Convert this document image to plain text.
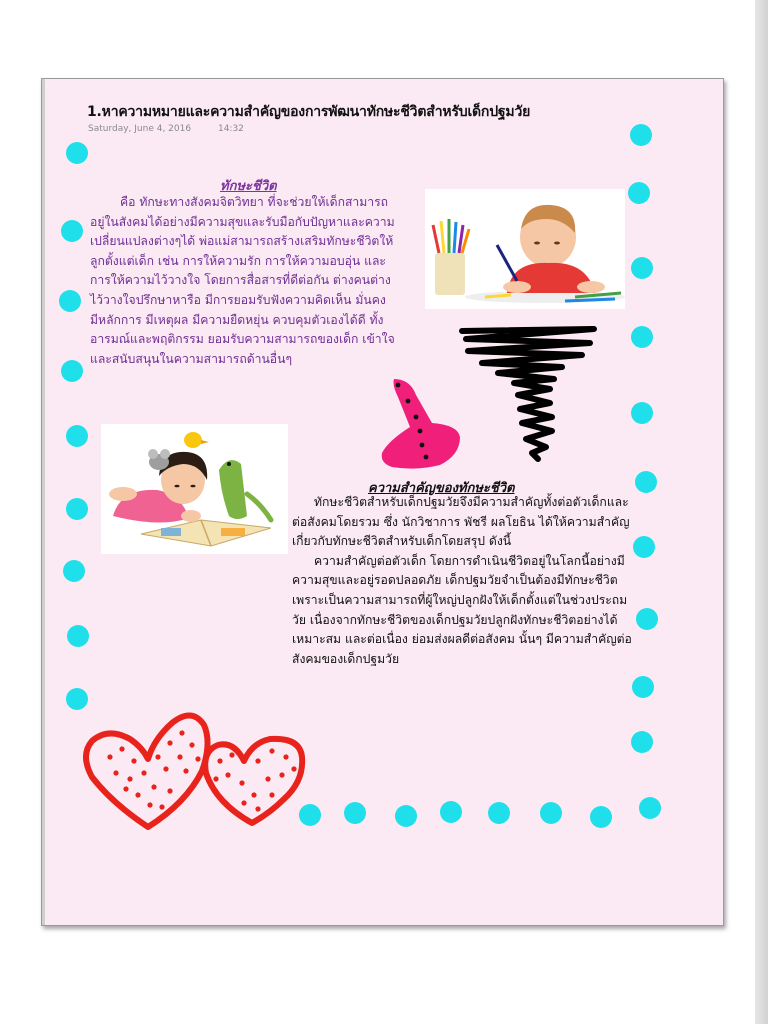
1.หาความหมายและความสำคัญของการพัฒนาทักษะชีวิตสำหรับเด็กปฐมวัย
Saturday, June 4, 2016	14:32
ทักษะชีวิต

คือ ทักษะทางสังคมจิตวิทยา ที่จะช่วยให้เด็กสามารถอยู่ในสังคมได้อย่างมีความสุขและรับมือกับปัญหาและความเปลี่ยนแปลงต่างๆได้ พ่อแม่สามารถสร้างเสริมทักษะชีวิตให้ลูกตั้งแต่เด็ก เช่น การให้ความรัก การให้ความอบอุ่น และการให้ความไว้วางใจ โดยการสื่อสารที่ดีต่อกัน ต่างคนต่างไว้วางใจปรึกษาหารือ มีการยอมรับฟังความคิดเห็น มั่นคง มีหลักการ มีเหตุผล มีความยืดหยุ่น ควบคุมตัวเองได้ดี ทั้งอารมณ์และพฤติกรรม ยอมรับความสามารถของเด็ก เข้าใจและสนับสนุนในความสามารถด้านอื่นๆ

ความสำคัญของทักษะชีวิต

ทักษะชีวิตสำหรับเด็กปฐมวัยจึงมีความสำคัญทั้งต่อตัวเด็กและต่อสังคมโดยรวม ซึ่ง นักวิชาการ พัชรี ผลโยธิน ได้ให้ความสำคัญเกี่ยวกับทักษะชีวิตสำหรับเด็กโดยสรุป ดังนี้

ความสำคัญต่อตัวเด็ก โดยการดำเนินชีวิตอยู่ในโลกนี้อย่างมีความสุขและอยู่รอดปลอดภัย เด็กปฐมวัยจำเป็นต้องมีทักษะชีวิต เพราะเป็นความสามารถที่ผู้ใหญ่ปลูกฝังให้เด็กตั้งแต่ในช่วงประถมวัย เนื่องจากทักษะชีวิตของเด็กปฐมวัยปลูกฝังทักษะชีวิตอย่างได้เหมาะสม และต่อเนื่อง ย่อมส่งผลดีต่อสังคม นั้นๆ มีความสำคัญต่อสังคมของเด็กปฐมวัย
